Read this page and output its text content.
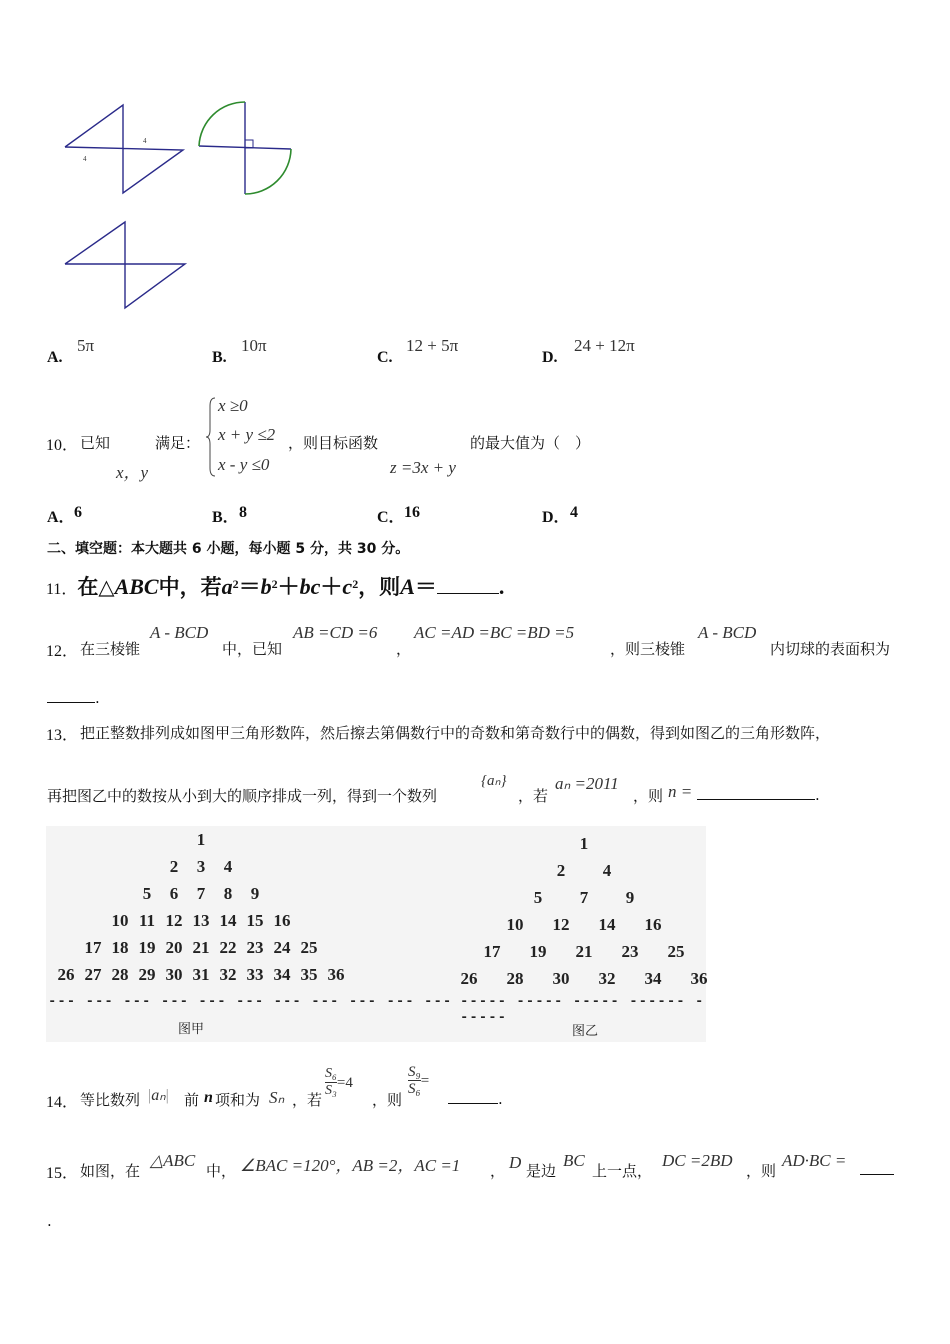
4
4
A.
5π
B.
10π
C.
12 + 5π
D.
24 + 12π
10． 已知
x，y
满足：
x ≥0
x + y ≤2
x - y ≤0
，则目标函数
z =3x + y
的最大值为（　）
A． 6	B． 8	C． 16	D． 4
二、填空题：本大题共 6 小题，每小题 5 分，共 30 分。
11．在△ABC中，若$a^2=b^2+bc+c^2$，则A＝	.
12． 在三棱锥
A - BCD
中，已知
AB =CD =6
，
AC =AD =BC =BD =5
，则三棱锥
A - BCD
内切球的表面积为
.
13． 把正整数排列成如图甲三角形数阵，然后擦去第偶数行中的奇数和第奇数行中的偶数，得到如图乙的三角形数阵，
再把图乙中的数按从小到大的顺序排成一列，得到一个数列
{aₙ}
，若
aₙ =2011
，则 n =	.
1
2 3 4
5 6 7 8 9
10 11 12 13 14 15 16
17 18 19 20 21 22 23 24 25
26 27 28 29 30 31 32 33 34 35 36
--- --- --- --- --- --- --- --- --- --- ---
图甲
1
2 4
5 7 9
10 12 14 16
17 19 21 23 25
26 28 30 32 34 36
----- ----- ----- ------ ------
图乙
14． 等比数列 |aₙ| 前 n 项和为 Sₙ ，若
$\frac{\text{S₆}}{\text{S₃}} =4$
，则
$\frac{\text{S₉}}{\text{S₆}}$ =
.
15． 如图，在
△ABC
中， ∠BAC =120°，AB =2，AC =1 ， D 是边
BC
上一点，
DC =2BD
，则
AD·BC =
.
